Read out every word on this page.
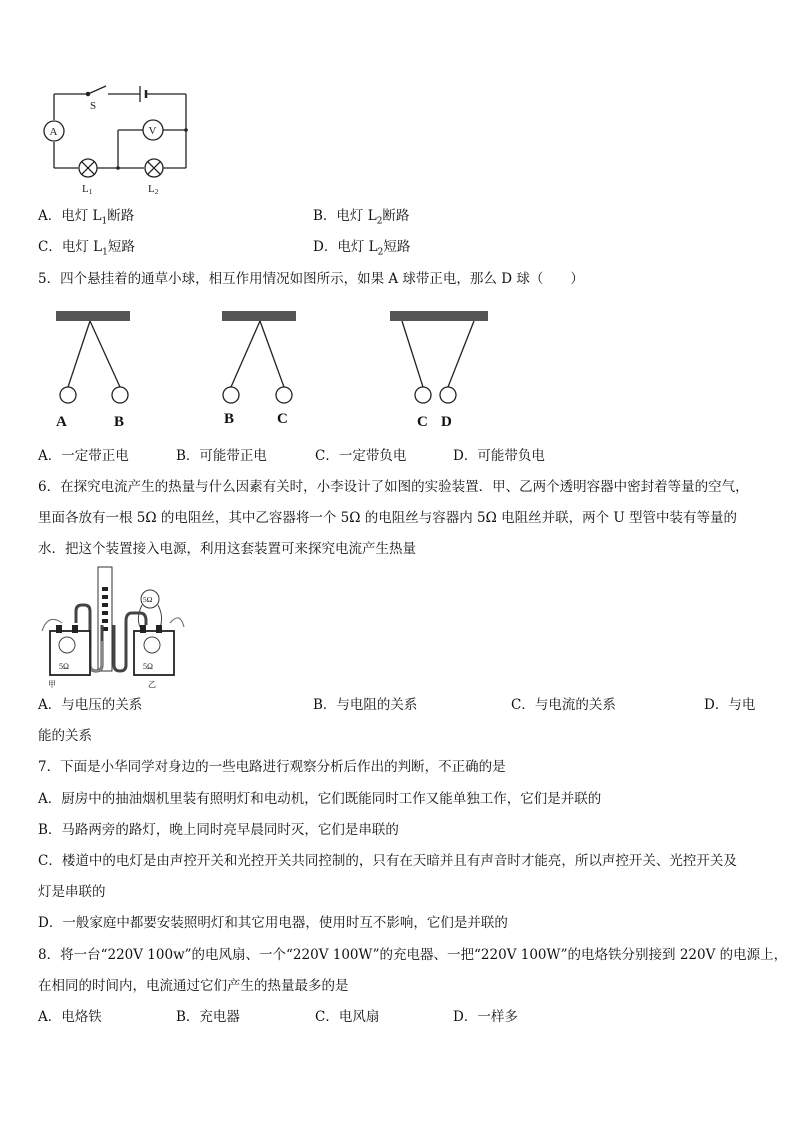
S
A	V
L1	L2
A．电灯 $L_1$断路	B．电灯 $L_2$断路
C．电灯 $L_1$短路	D．电灯 $L_2$短路
5．四个悬挂着的通草小球，相互作用情况如图所示，如果 A 球带正电，那么 D 球（　　）
A	B	B	C	C D
A．一定带正电	B．可能带正电	C．一定带负电	D．可能带负电
6．在探究电流产生的热量与什么因素有关时，小李设计了如图的实验装置．甲、乙两个透明容器中密封着等量的空气，
里面各放有一根 5Ω 的电阻丝，其中乙容器将一个 5Ω 的电阻丝与容器内 5Ω 电阻丝并联，两个 U 型管中装有等量的
水．把这个装置接入电源，利用这套装置可来探究电流产生热量
5Ω
5Ω
甲
5Ω
乙
A．与电压的关系	B．与电阻的关系	C．与电流的关系	D．与电
能的关系
7．下面是小华同学对身边的一些电路进行观察分析后作出的判断，不正确的是
A．厨房中的抽油烟机里装有照明灯和电动机，它们既能同时工作又能单独工作，它们是并联的
B．马路两旁的路灯，晚上同时亮早晨同时灭，它们是串联的
C．楼道中的电灯是由声控开关和光控开关共同控制的，只有在天暗并且有声音时才能亮，所以声控开关、光控开关及
灯是串联的
D．一般家庭中都要安装照明灯和其它用电器，使用时互不影响，它们是并联的
8．将一台“220V 100w”的电风扇、一个“220V 100W”的充电器、一把“220V 100W”的电烙铁分别接到 220V 的电源上，
在相同的时间内，电流通过它们产生的热量最多的是
A．电烙铁	B．充电器	C．电风扇	D．一样多
